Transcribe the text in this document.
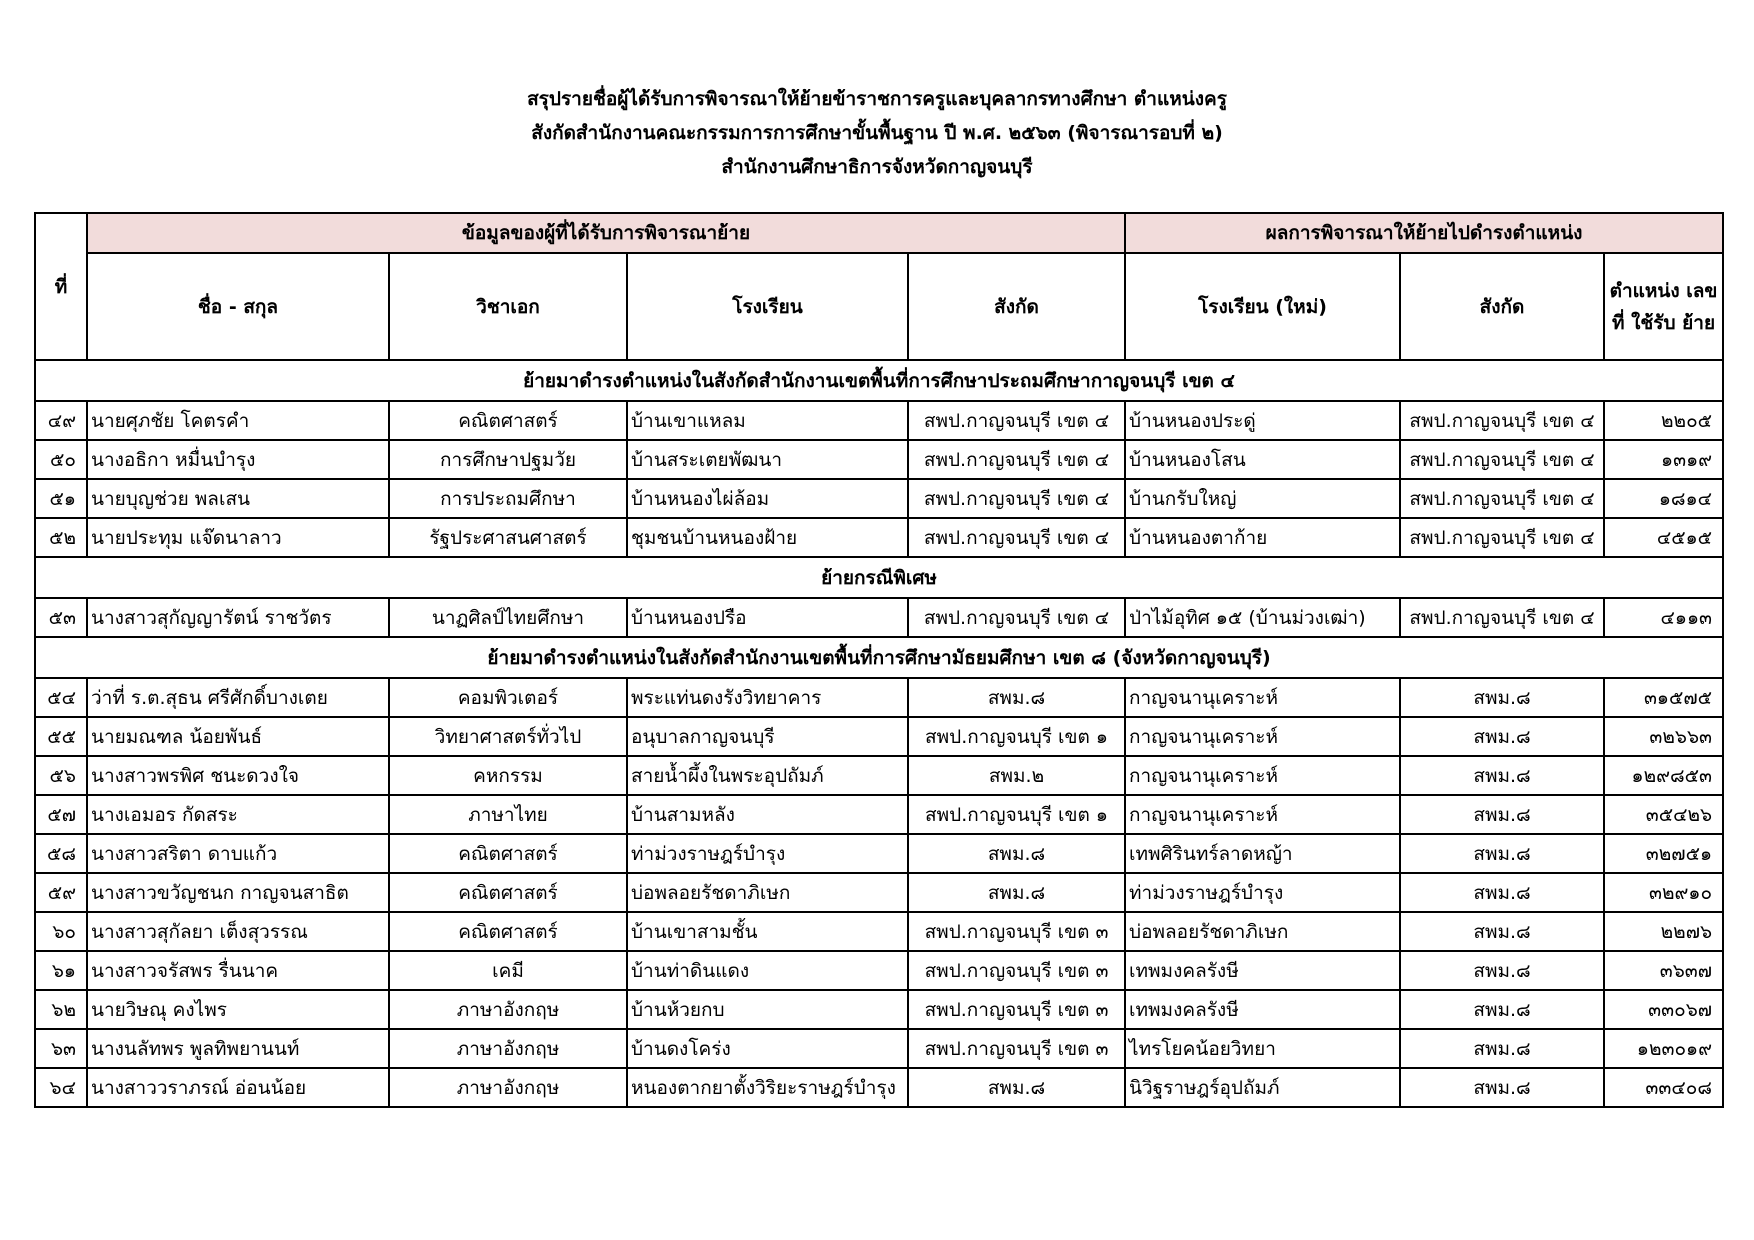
สรุปรายชื่อผู้ได้รับการพิจารณาให้ย้ายข้าราชการครูและบุคลากรทางศึกษา ตำแหน่งครู
สังกัดสำนักงานคณะกรรมการการศึกษาขั้นพื้นฐาน ปี พ.ศ. ๒๕๖๓ (พิจารณารอบที่ ๒)
สำนักงานศึกษาธิการจังหวัดกาญจนบุรี
ที่	ข้อมูลของผู้ที่ได้รับการพิจารณาย้าย				ผลการพิจารณาให้ย้ายไปดำรงตำแหน่ง		
	ชื่อ - สกุล	วิชาเอก	โรงเรียน	สังกัด	โรงเรียน (ใหม่)	สังกัด	ตำแหน่ง เลขที่ ใช้รับ ย้าย
ย้ายมาดำรงตำแหน่งในสังกัดสำนักงานเขตพื้นที่การศึกษาประถมศึกษากาญจนบุรี เขต ๔							
๔๙	นายศุภชัย โคตรคำ	คณิตศาสตร์	บ้านเขาแหลม	สพป.กาญจนบุรี เขต ๔	บ้านหนองประดู่	สพป.กาญจนบุรี เขต ๔	๒๒๐๕
๕๐	นางอธิกา หมื่นบำรุง	การศึกษาปฐมวัย	บ้านสระเตยพัฒนา	สพป.กาญจนบุรี เขต ๔	บ้านหนองโสน	สพป.กาญจนบุรี เขต ๔	๑๓๑๙
๕๑	นายบุญช่วย พลเสน	การประถมศึกษา	บ้านหนองไผ่ล้อม	สพป.กาญจนบุรี เขต ๔	บ้านกรับใหญ่	สพป.กาญจนบุรี เขต ๔	๑๘๑๔
๕๒	นายประทุม แจ๊ดนาลาว	รัฐประศาสนศาสตร์	ชุมชนบ้านหนองฝ้าย	สพป.กาญจนบุรี เขต ๔	บ้านหนองตาก้าย	สพป.กาญจนบุรี เขต ๔	๔๕๑๕
ย้ายกรณีพิเศษ							
๕๓	นางสาวสุกัญญารัตน์ ราชวัตร	นาฏศิลป์ไทยศึกษา	บ้านหนองปรือ	สพป.กาญจนบุรี เขต ๔	ป่าไม้อุทิศ ๑๕ (บ้านม่วงเฒ่า)	สพป.กาญจนบุรี เขต ๔	๔๑๑๓
ย้ายมาดำรงตำแหน่งในสังกัดสำนักงานเขตพื้นที่การศึกษามัธยมศึกษา เขต ๘ (จังหวัดกาญจนบุรี)							
๕๔	ว่าที่ ร.ต.สุธน ศรีศักดิ์บางเตย	คอมพิวเตอร์	พระแท่นดงรังวิทยาคาร	สพม.๘	กาญจนานุเคราะห์	สพม.๘	๓๑๕๗๕
๕๕	นายมณฑล น้อยพันธ์	วิทยาศาสตร์ทั่วไป	อนุบาลกาญจนบุรี	สพป.กาญจนบุรี เขต ๑	กาญจนานุเคราะห์	สพม.๘	๓๒๖๖๓
๕๖	นางสาวพรพิศ ชนะดวงใจ	คหกรรม	สายน้ำผึ้งในพระอุปถัมภ์	สพม.๒	กาญจนานุเคราะห์	สพม.๘	๑๒๙๘๕๓
๕๗	นางเอมอร กัดสระ	ภาษาไทย	บ้านสามหลัง	สพป.กาญจนบุรี เขต ๑	กาญจนานุเคราะห์	สพม.๘	๓๕๔๒๖
๕๘	นางสาวสริตา ดาบแก้ว	คณิตศาสตร์	ท่าม่วงราษฎร์บำรุง	สพม.๘	เทพศิรินทร์ลาดหญ้า	สพม.๘	๓๒๗๕๑
๕๙	นางสาวขวัญชนก กาญจนสาธิต	คณิตศาสตร์	บ่อพลอยรัชดาภิเษก	สพม.๘	ท่าม่วงราษฎร์บำรุง	สพม.๘	๓๒๙๑๐
๖๐	นางสาวสุกัลยา เต็งสุวรรณ	คณิตศาสตร์	บ้านเขาสามชั้น	สพป.กาญจนบุรี เขต ๓	บ่อพลอยรัชดาภิเษก	สพม.๘	๒๒๗๖
๖๑	นางสาวจรัสพร รื่นนาค	เคมี	บ้านท่าดินแดง	สพป.กาญจนบุรี เขต ๓	เทพมงคลรังษี	สพม.๘	๓๖๓๗
๖๒	นายวิษณุ คงไพร	ภาษาอังกฤษ	บ้านห้วยกบ	สพป.กาญจนบุรี เขต ๓	เทพมงคลรังษี	สพม.๘	๓๓๐๖๗
๖๓	นางนลัทพร พูลทิพยานนท์	ภาษาอังกฤษ	บ้านดงโคร่ง	สพป.กาญจนบุรี เขต ๓	ไทรโยคน้อยวิทยา	สพม.๘	๑๒๓๐๑๙
๖๔	นางสาววราภรณ์ อ่อนน้อย	ภาษาอังกฤษ	หนองตากยาตั้งวิริยะราษฎร์บำรุง	สพม.๘	นิวิฐราษฎร์อุปถัมภ์	สพม.๘	๓๓๔๐๘
